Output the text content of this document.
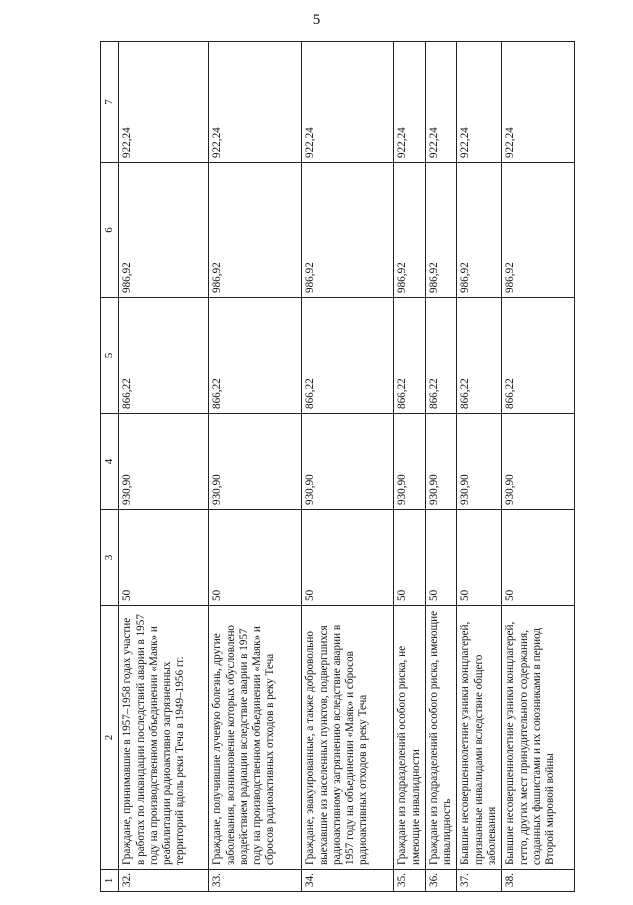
5
1	2	3	4	5	6	7
32.	Граждане, принимавшие в 1957–1958 годах участие в работах по ликвидации последствий аварии в 1957 году на производственном объединении «Маяк» и реабилитации радиоактивно загрязненных территорий вдоль реки Теча в 1949–1956 гг.	50	930,90	866,22	986,92	922,24
33.	Граждане, получившие лучевую болезнь, другие заболевания, возникновение которых обусловлено воздействием радиации вследствие аварии в 1957 году на производственном объединении «Маяк» и сбросов радиоактивных отходов в реку Теча	50	930,90	866,22	986,92	922,24
34.	Граждане, эвакуированные, а также добровольно выехавшие из населенных пунктов, подвергшихся радиоактивному загрязнению вследствие аварии в 1957 году на объединении «Маяк» и сбросов радиоактивных отходов в реку Теча	50	930,90	866,22	986,92	922,24
35.	Граждане из подразделений особого риска, не имеющие инвалидности	50	930,90	866,22	986,92	922,24
36.	Граждане из подразделений особого риска, имеющие инвалидность	50	930,90	866,22	986,92	922,24
37.	Бывшие несовершеннолетние узники концлагерей, признанные инвалидами вследствие общего заболевания	50	930,90	866,22	986,92	922,24
38.	Бывшие несовершеннолетние узники концлагерей, гетто, других мест принудительного содержания, созданных фашистами и их союзниками в период Второй мировой войны	50	930,90	866,22	986,92	922,24
